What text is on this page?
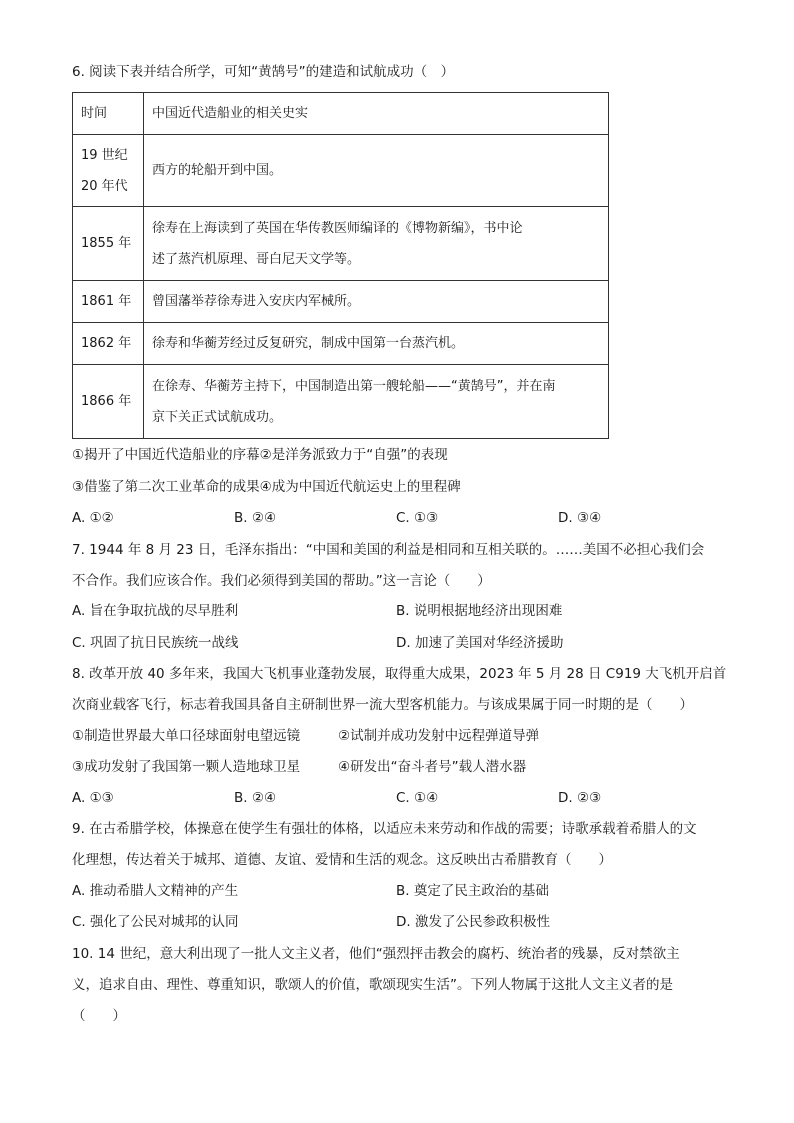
6. 阅读下表并结合所学，可知“黄鹄号”的建造和试航成功（　）
时间	中国近代造船业的相关史实

19 世纪
20 年代	西方的轮船开到中国。
1855 年	徐寿在上海读到了英国在华传教医师编译的《博物新编》，书中论
述了蒸汽机原理、哥白尼天文学等。

1861 年	曾国藩举荐徐寿进入安庆内军械所。
1862 年	徐寿和华蘅芳经过反复研究，制成中国第一台蒸汽机。
1866 年	在徐寿、华蘅芳主持下，中国制造出第一艘轮船——“黄鹄号”，并在南
京下关正式试航成功。
①揭开了中国近代造船业的序幕②是洋务派致力于“自强”的表现
③借鉴了第二次工业革命的成果④成为中国近代航运史上的里程碑
A. ①②	B. ②④	C. ①③	D. ③④
7. 1944 年 8 月 23 日，毛泽东指出：“中国和美国的利益是相同和互相关联的。……美国不必担心我们会
不合作。我们应该合作。我们必须得到美国的帮助。”这一言论（　　）
A. 旨在争取抗战的尽早胜利	B. 说明根据地经济出现困难
C. 巩固了抗日民族统一战线	D. 加速了美国对华经济援助
8. 改革开放 40 多年来，我国大飞机事业蓬勃发展，取得重大成果，2023 年 5 月 28 日 C919 大飞机开启首
次商业载客飞行，标志着我国具备自主研制世界一流大型客机能力。与该成果属于同一时期的是（　　）
①制造世界最大单口径球面射电望远镜	②试制并成功发射中远程弹道导弹
③成功发射了我国第一颗人造地球卫星	④研发出“奋斗者号”载人潜水器
A. ①③	B. ②④	C. ①④	D. ②③
9. 在古希腊学校，体操意在使学生有强壮的体格，以适应未来劳动和作战的需要；诗歌承载着希腊人的文
化理想，传达着关于城邦、道德、友谊、爱情和生活的观念。这反映出古希腊教育（　　）
A. 推动希腊人文精神的产生	B. 奠定了民主政治的基础
C. 强化了公民对城邦的认同	D. 激发了公民参政积极性
10. 14 世纪，意大利出现了一批人文主义者，他们“强烈抨击教会的腐朽、统治者的残暴，反对禁欲主
义，追求自由、理性、尊重知识，歌颂人的价值，歌颂现实生活”。下列人物属于这批人文主义者的是
（　　）
